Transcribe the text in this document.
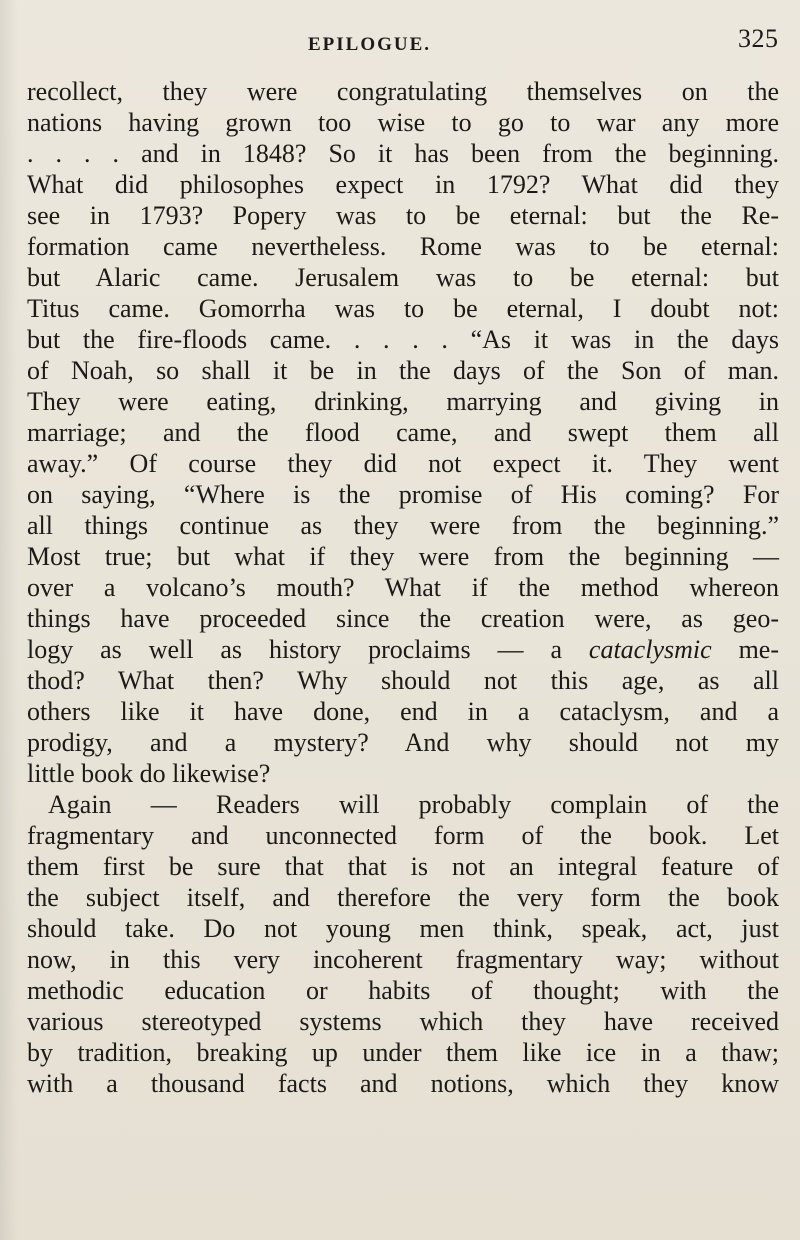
EPILOGUE.	325
recollect, they were congratulating themselves on the
nations having grown too wise to go to war any more
. . . . and in 1848? So it has been from the beginning.
What did philosophes expect in 1792? What did they
see in 1793? Popery was to be eternal: but the Re-
formation came nevertheless. Rome was to be eternal:
but Alaric came. Jerusalem was to be eternal: but
Titus came. Gomorrha was to be eternal, I doubt not:
but the fire-floods came. . . . . “As it was in the days
of Noah, so shall it be in the days of the Son of man.
They were eating, drinking, marrying and giving in
marriage; and the flood came, and swept them all
away.” Of course they did not expect it. They went
on saying, “Where is the promise of His coming? For
all things continue as they were from the beginning.”
Most true; but what if they were from the beginning —
over a volcano’s mouth? What if the method whereon
things have proceeded since the creation were, as geo-
logy as well as history proclaims — a cataclysmic me-
thod? What then? Why should not this age, as all
others like it have done, end in a cataclysm, and a
prodigy, and a mystery? And why should not my
little book do likewise?
Again — Readers will probably complain of the
fragmentary and unconnected form of the book. Let
them first be sure that that is not an integral feature of
the subject itself, and therefore the very form the book
should take. Do not young men think, speak, act, just
now, in this very incoherent fragmentary way; without
methodic education or habits of thought; with the
various stereotyped systems which they have received
by tradition, breaking up under them like ice in a thaw;
with a thousand facts and notions, which they know
